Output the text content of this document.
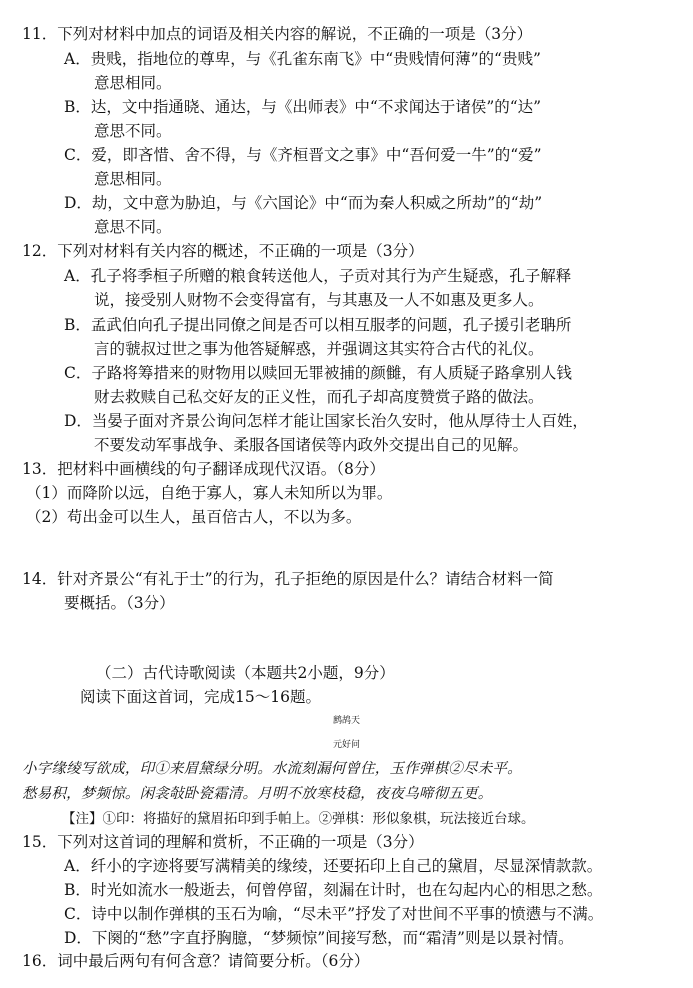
11．下列对材料中加点的词语及相关内容的解说，不正确的一项是（3分）
A．贵贱，指地位的尊卑，与《孔雀东南飞》中“贵贱情何薄”的“贵贱”
意思相同。
B．达，文中指通晓、通达，与《出师表》中“不求闻达于诸侯”的“达”
意思不同。
C．爱，即吝惜、舍不得，与《齐桓晋文之事》中“吾何爱一牛”的“爱”
意思相同。
D．劫，文中意为胁迫，与《六国论》中“而为秦人积威之所劫”的“劫”
意思不同。
12．下列对材料有关内容的概述，不正确的一项是（3分）
A．孔子将季桓子所赠的粮食转送他人，子贡对其行为产生疑惑，孔子解释
说，接受别人财物不会变得富有，与其惠及一人不如惠及更多人。
B．孟武伯向孔子提出同僚之间是否可以相互服孝的问题，孔子援引老聃所
言的虢叔过世之事为他答疑解惑，并强调这其实符合古代的礼仪。
C．子路将筹措来的财物用以赎回无罪被捕的颜雠，有人质疑子路拿别人钱
财去救赎自己私交好友的正义性，而孔子却高度赞赏子路的做法。
D．当晏子面对齐景公询问怎样才能让国家长治久安时，他从厚待士人百姓，
不要发动军事战争、柔服各国诸侯等内政外交提出自己的见解。
13．把材料中画横线的句子翻译成现代汉语。（8分）
（1）而降阶以远，自绝于寡人，寡人未知所以为罪。
（2）苟出金可以生人，虽百倍古人，不以为多。
14．针对齐景公“有礼于士”的行为，孔子拒绝的原因是什么？请结合材料一简
要概括。（3分）
（二）古代诗歌阅读（本题共2小题，9分）
阅读下面这首词，完成15～16题。
鹧鸪天
元好问
小字缘绫写欲成，印①来眉黛绿分明。水流刻漏何曾住，玉作弹棋②尽未平。
愁易积，梦频惊。闲衾敧卧瓷霜清。月明不放寒枝稳，夜夜乌啼彻五更。
【注】①印：将描好的黛眉拓印到手帕上。②弹棋：形似象棋，玩法接近台球。
15．下列对这首词的理解和赏析，不正确的一项是（3分）
A．纤小的字迹将要写满精美的缘绫，还要拓印上自己的黛眉，尽显深情款款。
B．时光如流水一般逝去，何曾停留，刻漏在计时，也在勾起内心的相思之愁。
C．诗中以制作弹棋的玉石为喻，“尽未平”抒发了对世间不平事的愤懑与不满。
D．下阕的“愁”字直抒胸臆，“梦频惊”间接写愁，而“霜清”则是以景衬情。
16．词中最后两句有何含意？请简要分析。（6分）
